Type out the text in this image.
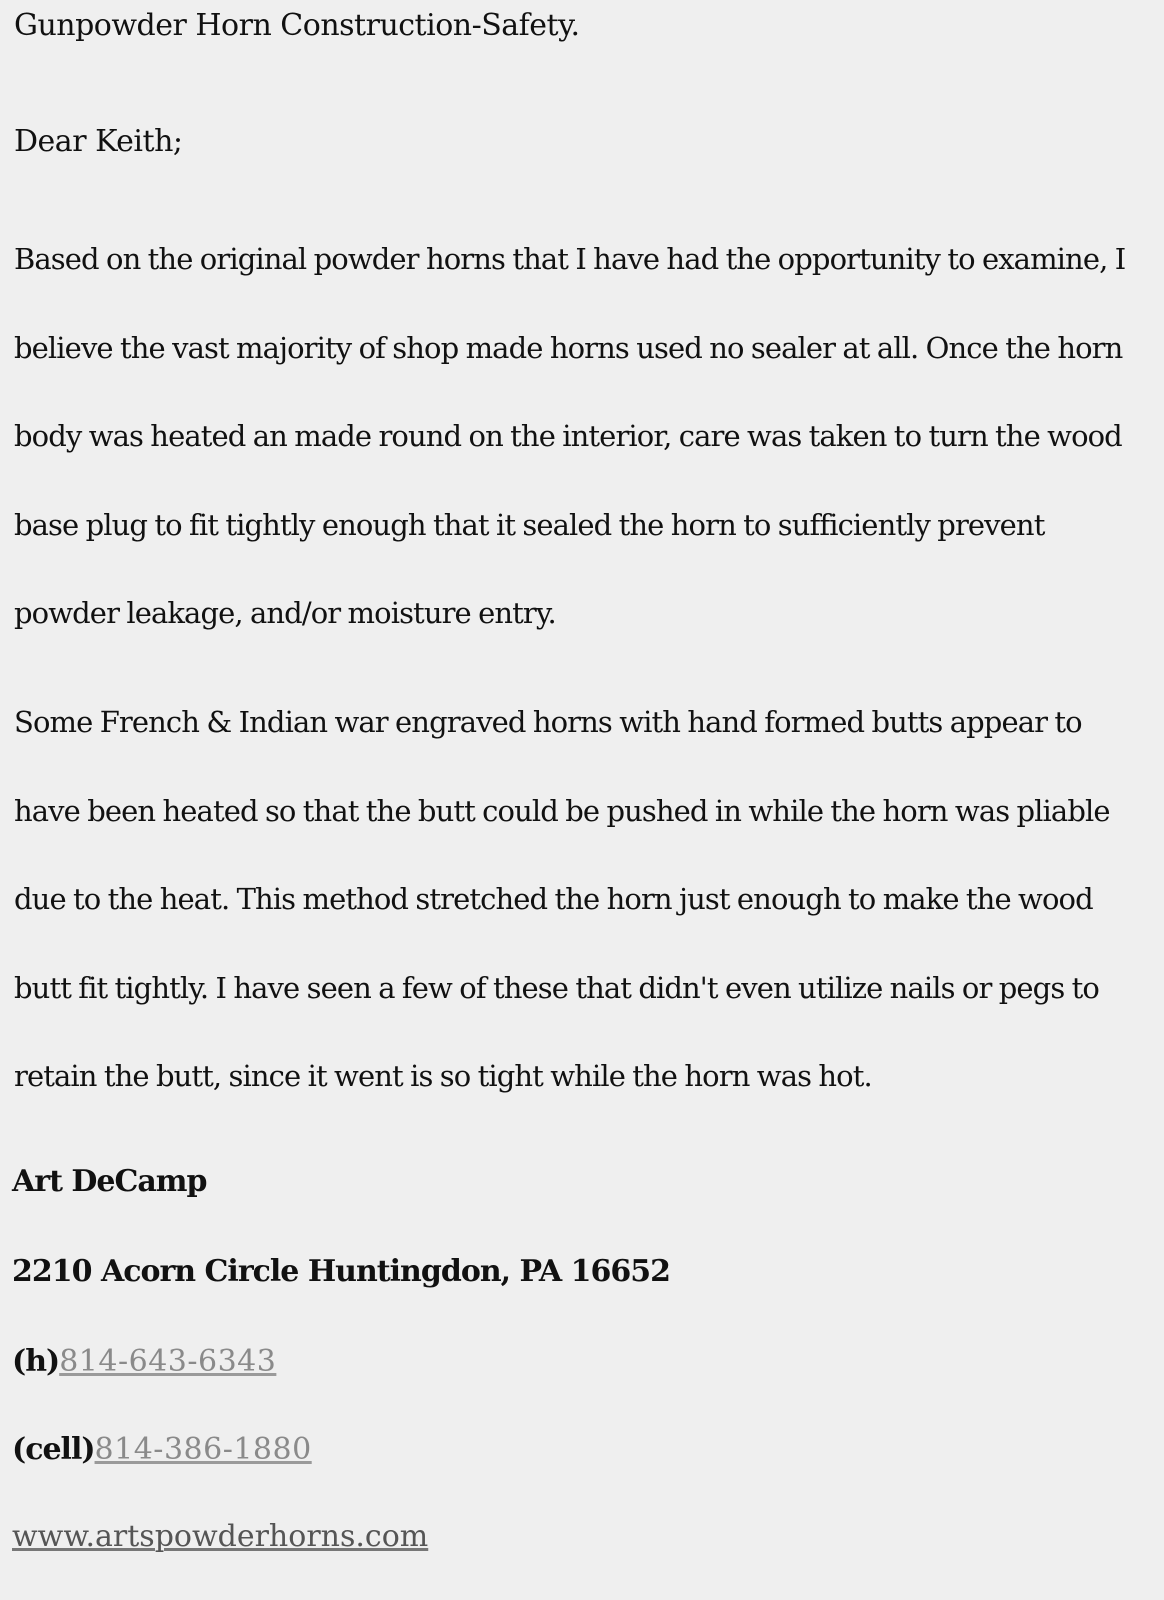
Gunpowder Horn Construction-Safety.
Dear Keith;
Based on the original powder horns that I have had the opportunity to examine, I believe the vast majority of shop made horns used no sealer at all. Once the horn body was heated an made round on the interior, care was taken to turn the wood base plug to fit tightly enough that it sealed the horn to sufficiently prevent powder leakage, and/or moisture entry.
Some French & Indian war engraved horns with hand formed butts appear to have been heated so that the butt could be pushed in while the horn was pliable due to the heat. This method stretched the horn just enough to make the wood butt fit tightly. I have seen a few of these that didn't even utilize nails or pegs to retain the butt, since it went is so tight while the horn was hot.
Art DeCamp
2210 Acorn Circle Huntingdon, PA 16652
(h)814-643-6343
(cell)814-386-1880
www.artspowderhorns.com
